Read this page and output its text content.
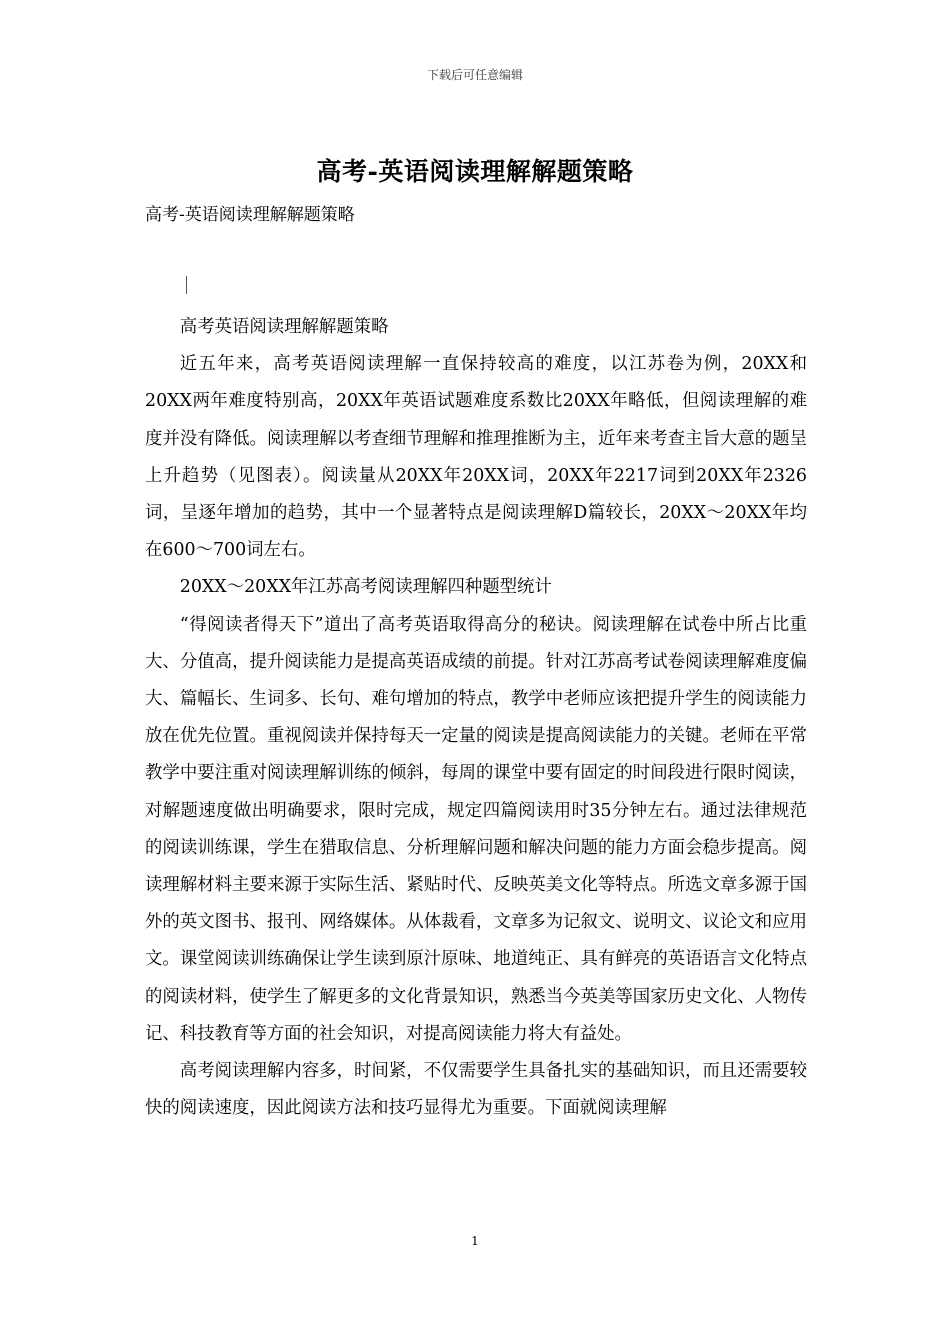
下载后可任意编辑
高考-英语阅读理解解题策略
高考-英语阅读理解解题策略

高考英语阅读理解解题策略

近五年来，高考英语阅读理解一直保持较高的难度，以江苏卷为例，20XX和20XX两年难度特别高，20XX年英语试题难度系数比20XX年略低，但阅读理解的难度并没有降低。阅读理解以考查细节理解和推理推断为主，近年来考查主旨大意的题呈上升趋势（见图表）。阅读量从20XX年20XX词，20XX年2217词到20XX年2326词，呈逐年增加的趋势，其中一个显著特点是阅读理解D篇较长，20XX～20XX年均在600～700词左右。

20XX～20XX年江苏高考阅读理解四种题型统计

“得阅读者得天下”道出了高考英语取得高分的秘诀。阅读理解在试卷中所占比重大、分值高，提升阅读能力是提高英语成绩的前提。针对江苏高考试卷阅读理解难度偏大、篇幅长、生词多、长句、难句增加的特点，教学中老师应该把提升学生的阅读能力放在优先位置。重视阅读并保持每天一定量的阅读是提高阅读能力的关键。老师在平常教学中要注重对阅读理解训练的倾斜，每周的课堂中要有固定的时间段进行限时阅读，对解题速度做出明确要求，限时完成，规定四篇阅读用时35分钟左右。通过法律规范的阅读训练课，学生在猎取信息、分析理解问题和解决问题的能力方面会稳步提高。阅读理解材料主要来源于实际生活、紧贴时代、反映英美文化等特点。所选文章多源于国外的英文图书、报刊、网络媒体。从体裁看，文章多为记叙文、说明文、议论文和应用文。课堂阅读训练确保让学生读到原汁原味、地道纯正、具有鲜亮的英语语言文化特点的阅读材料，使学生了解更多的文化背景知识，熟悉当今英美等国家历史文化、人物传记、科技教育等方面的社会知识，对提高阅读能力将大有益处。

高考阅读理解内容多，时间紧，不仅需要学生具备扎实的基础知识，而且还需要较快的阅读速度，因此阅读方法和技巧显得尤为重要。下面就阅读理解

1
